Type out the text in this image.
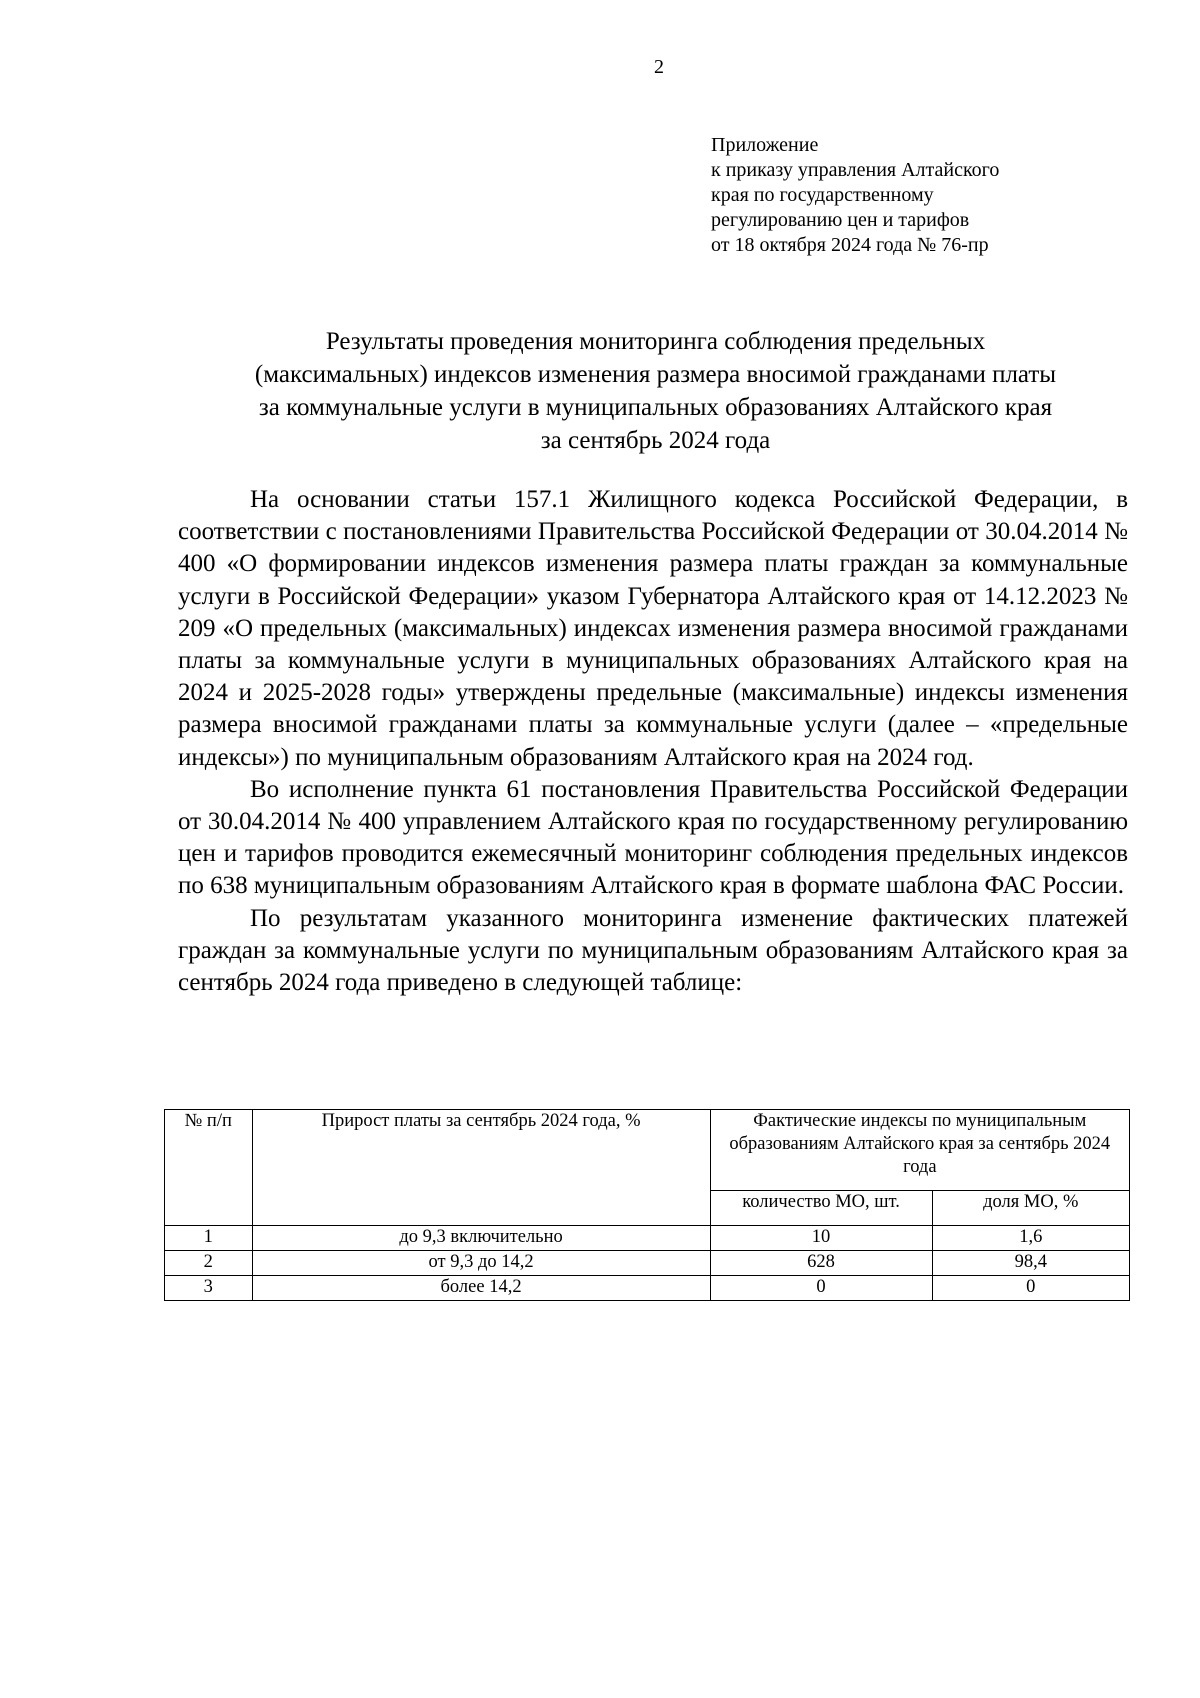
2
Приложение
к приказу управления Алтайского
края по государственному
регулированию цен и тарифов
от 18 октября 2024 года № 76-пр
Результаты проведения мониторинга соблюдения предельных
(максимальных) индексов изменения размера вносимой гражданами платы
за коммунальные услуги в муниципальных образованиях Алтайского края
за сентябрь 2024 года

На основании статьи 157.1 Жилищного кодекса Российской Федерации, в соответствии с постановлениями Правительства Российской Федерации от 30.04.2014 № 400 «О формировании индексов изменения размера платы граждан за коммунальные услуги в Российской Федерации» указом Губернатора Алтайского края от 14.12.2023 № 209 «О предельных (максимальных) индексах изменения размера вносимой гражданами платы за коммунальные услуги в муниципальных образованиях Алтайского края на 2024 и 2025-2028 годы» утверждены предельные (максимальные) индексы изменения размера вносимой гражданами платы за коммунальные услуги (далее – «предельные индексы») по муниципальным образованиям Алтайского края на 2024 год.

Во исполнение пункта 61 постановления Правительства Российской Федерации от 30.04.2014 № 400 управлением Алтайского края по государственному регулированию цен и тарифов проводится ежемесячный мониторинг соблюдения предельных индексов по 638 муниципальным образованиям Алтайского края в формате шаблона ФАС России.

По результатам указанного мониторинга изменение фактических платежей граждан за коммунальные услуги по муниципальным образованиям Алтайского края за сентябрь 2024 года приведено в следующей таблице:

№ п/п	Прирост платы за сентябрь 2024 года, %	Фактические индексы по муниципальным образованиям Алтайского края за сентябрь 2024 года	
		количество МО, шт.	доля МО, %
1	до 9,3 включительно	10	1,6
2	от 9,3 до 14,2	628	98,4
3	более 14,2	0	0
